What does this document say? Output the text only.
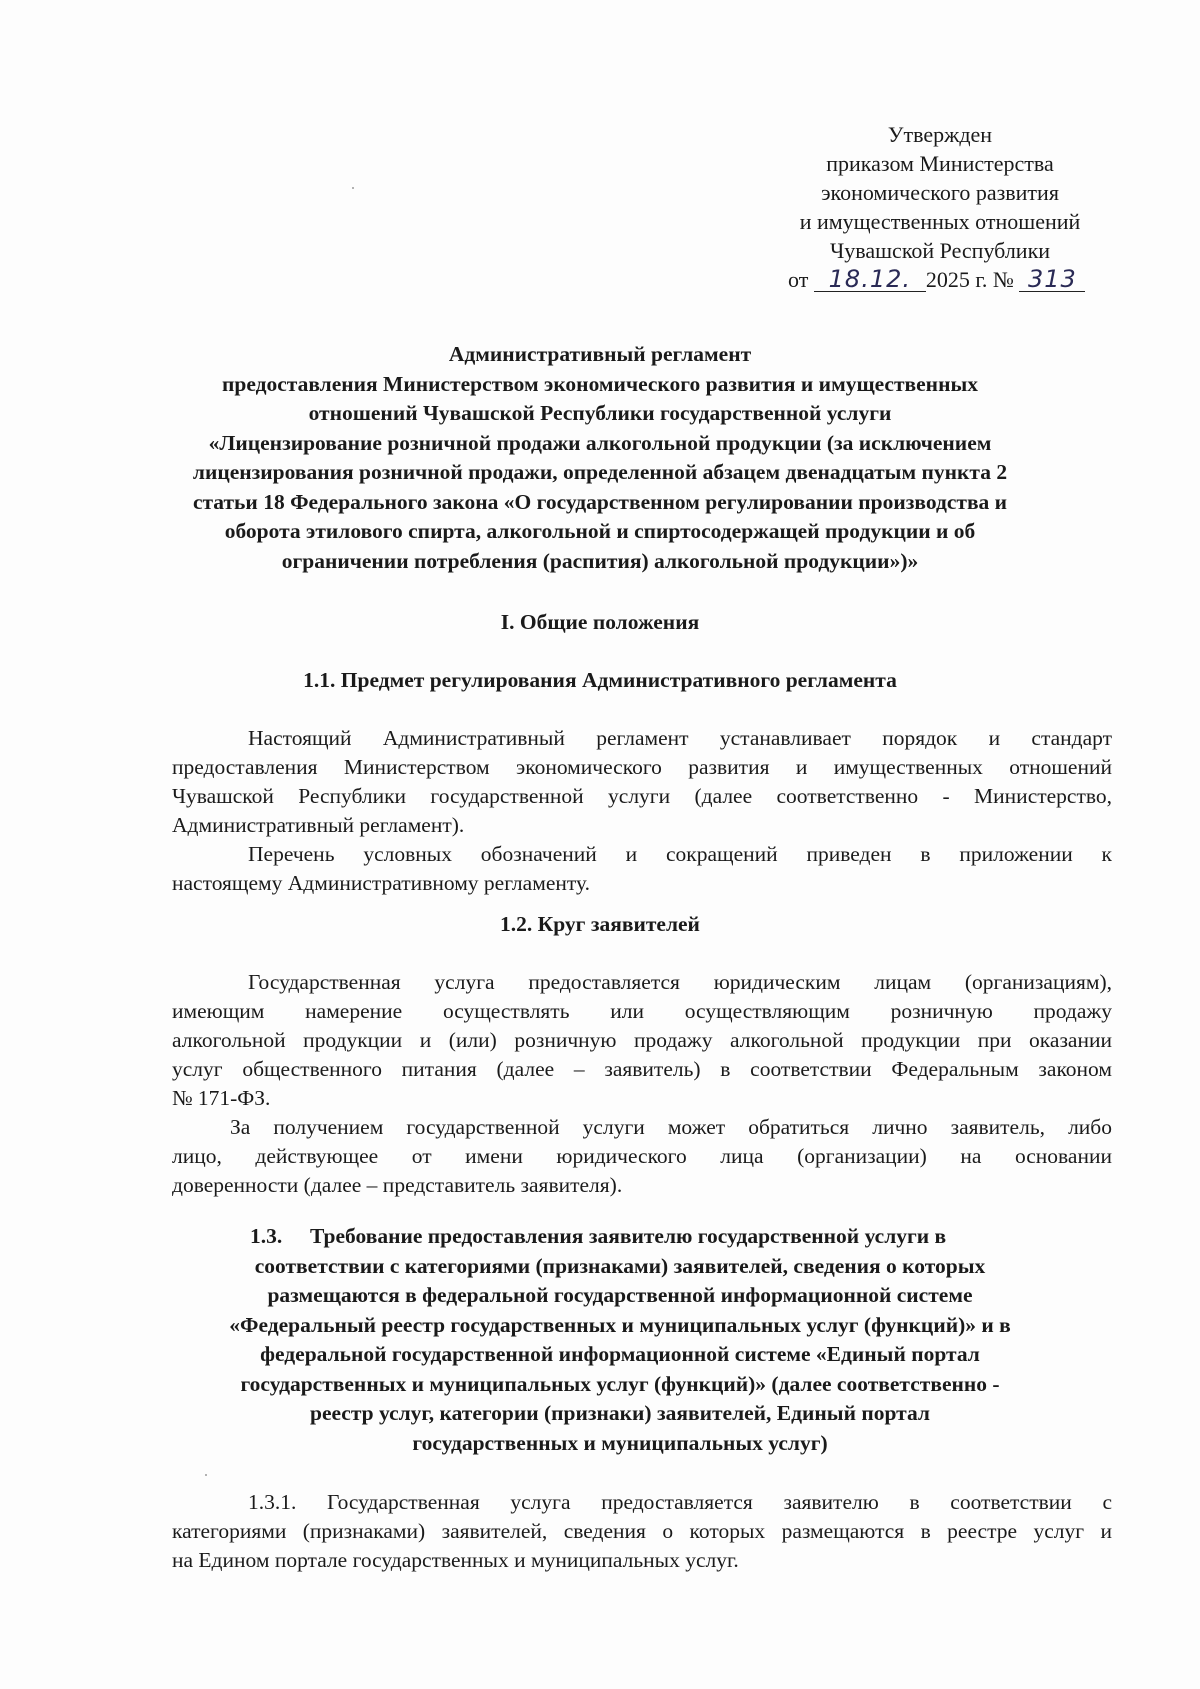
Утвержден
приказом Министерства
экономического развития
и имущественных отношений
Чувашской Республики
от 18.12. 2025 г. № 313
Административный регламент
предоставления Министерством экономического развития и имущественных
отношений Чувашской Республики государственной услуги
«Лицензирование розничной продажи алкогольной продукции (за исключением
лицензирования розничной продажи, определенной абзацем двенадцатым пункта 2
статьи 18 Федерального закона «О государственном регулировании производства и
оборота этилового спирта, алкогольной и спиртосодержащей продукции и об
ограничении потребления (распития) алкогольной продукции»)»
I. Общие положения
1.1. Предмет регулирования Административного регламента
Настоящий Административный регламент устанавливает порядок и стандарт
предоставления Министерством экономического развития и имущественных отношений
Чувашской Республики государственной услуги (далее соответственно - Министерство,
Административный регламент).
Перечень условных обозначений и сокращений приведен в приложении к
настоящему Административному регламенту.
1.2. Круг заявителей
Государственная услуга предоставляется юридическим лицам (организациям),
имеющим намерение осуществлять или осуществляющим розничную продажу
алкогольной продукции и (или) розничную продажу алкогольной продукции при оказании
услуг общественного питания (далее – заявитель) в соответствии Федеральным законом
№ 171-ФЗ.
За получением государственной услуги может обратиться лично заявитель, либо
лицо, действующее от имени юридического лица (организации) на основании
доверенности (далее – представитель заявителя).
1.3. Требование предоставления заявителю государственной услуги в
соответствии с категориями (признаками) заявителей, сведения о которых
размещаются в федеральной государственной информационной системе
«Федеральный реестр государственных и муниципальных услуг (функций)» и в
федеральной государственной информационной системе «Единый портал
государственных и муниципальных услуг (функций)» (далее соответственно -
реестр услуг, категории (признаки) заявителей, Единый портал
государственных и муниципальных услуг)
1.3.1. Государственная услуга предоставляется заявителю в соответствии с
категориями (признаками) заявителей, сведения о которых размещаются в реестре услуг и
на Едином портале государственных и муниципальных услуг.
